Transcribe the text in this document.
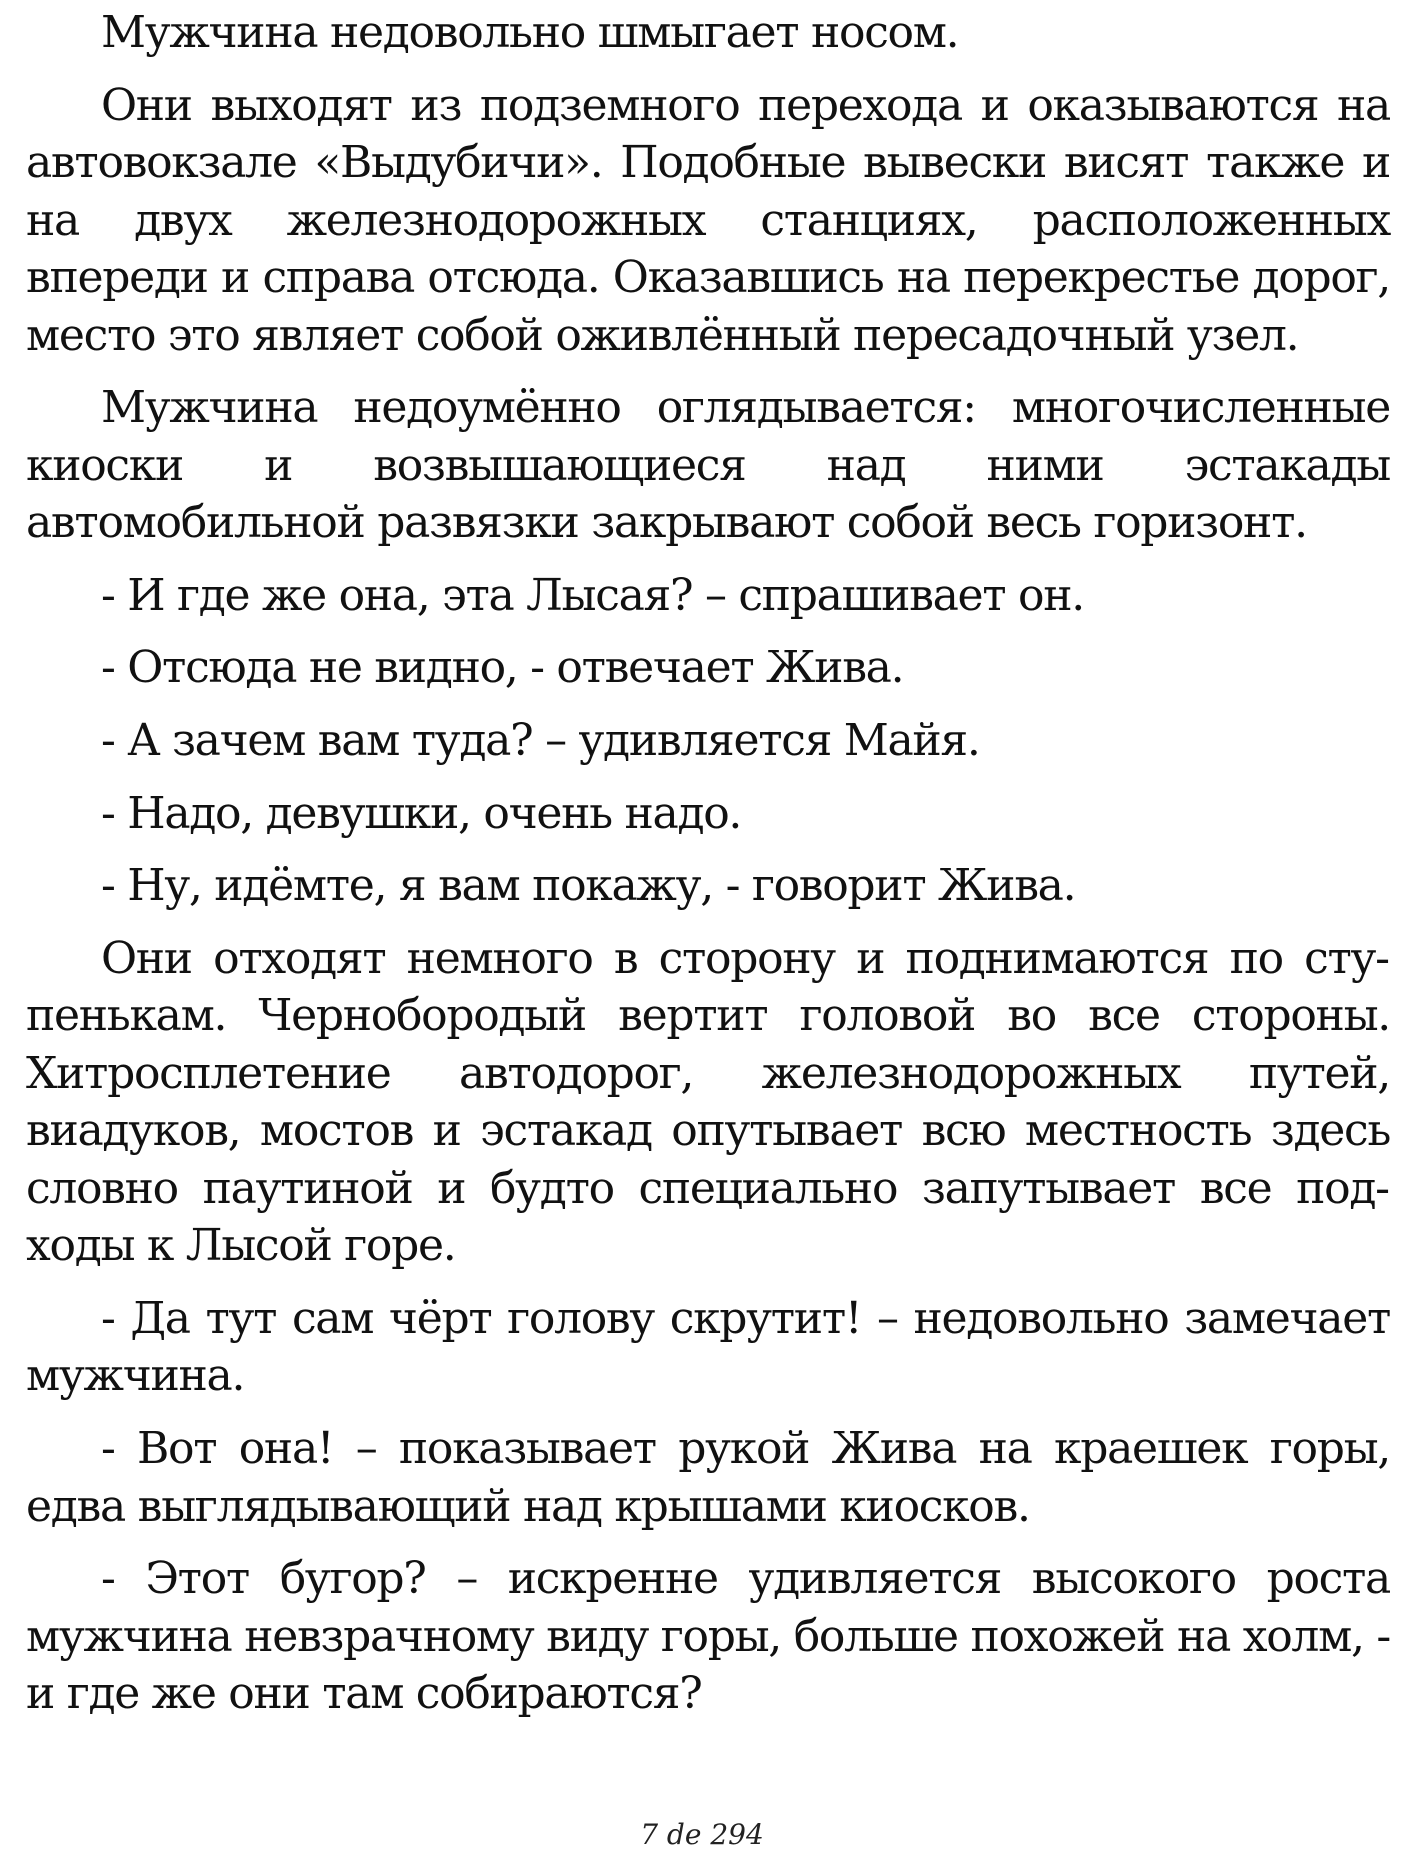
Мужчина недовольно шмыгает носом.

Они выходят из подземного перехода и оказываются на автовокзале «Выдубичи». Подобные вывески висят также и на двух железнодорожных станциях, расположенных впереди и справа отсюда. Оказавшись на перекрестье дорог, место это являет собой оживлённый пересадочный узел.

Мужчина недоумённо оглядывается: многочисленные киоски и возвышающиеся над ними эстакады автомобильной развязки закрывают собой весь горизонт.

- И где же она, эта Лысая? – спрашивает он.

- Отсюда не видно, - отвечает Жива.

- А зачем вам туда? – удивляется Майя.

- Надо, девушки, очень надо.

- Ну, идёмте, я вам покажу, - говорит Жива.

Они отходят немного в сторону и поднимаются по ступенькам. Чернобородый вертит головой во все стороны. Хитросплетение автодорог, железнодорожных путей, виадуков, мостов и эстакад опутывает всю местность здесь словно паутиной и будто специально запутывает все подходы к Лысой горе.

- Да тут сам чёрт голову скрутит! – недовольно замечает мужчина.

- Вот она! – показывает рукой Жива на краешек горы, едва выглядывающий над крышами киосков.

- Этот бугор? – искренне удивляется высокого роста мужчина невзрачному виду горы, больше похожей на холм, - и где же они там собираются?

7 de 294
